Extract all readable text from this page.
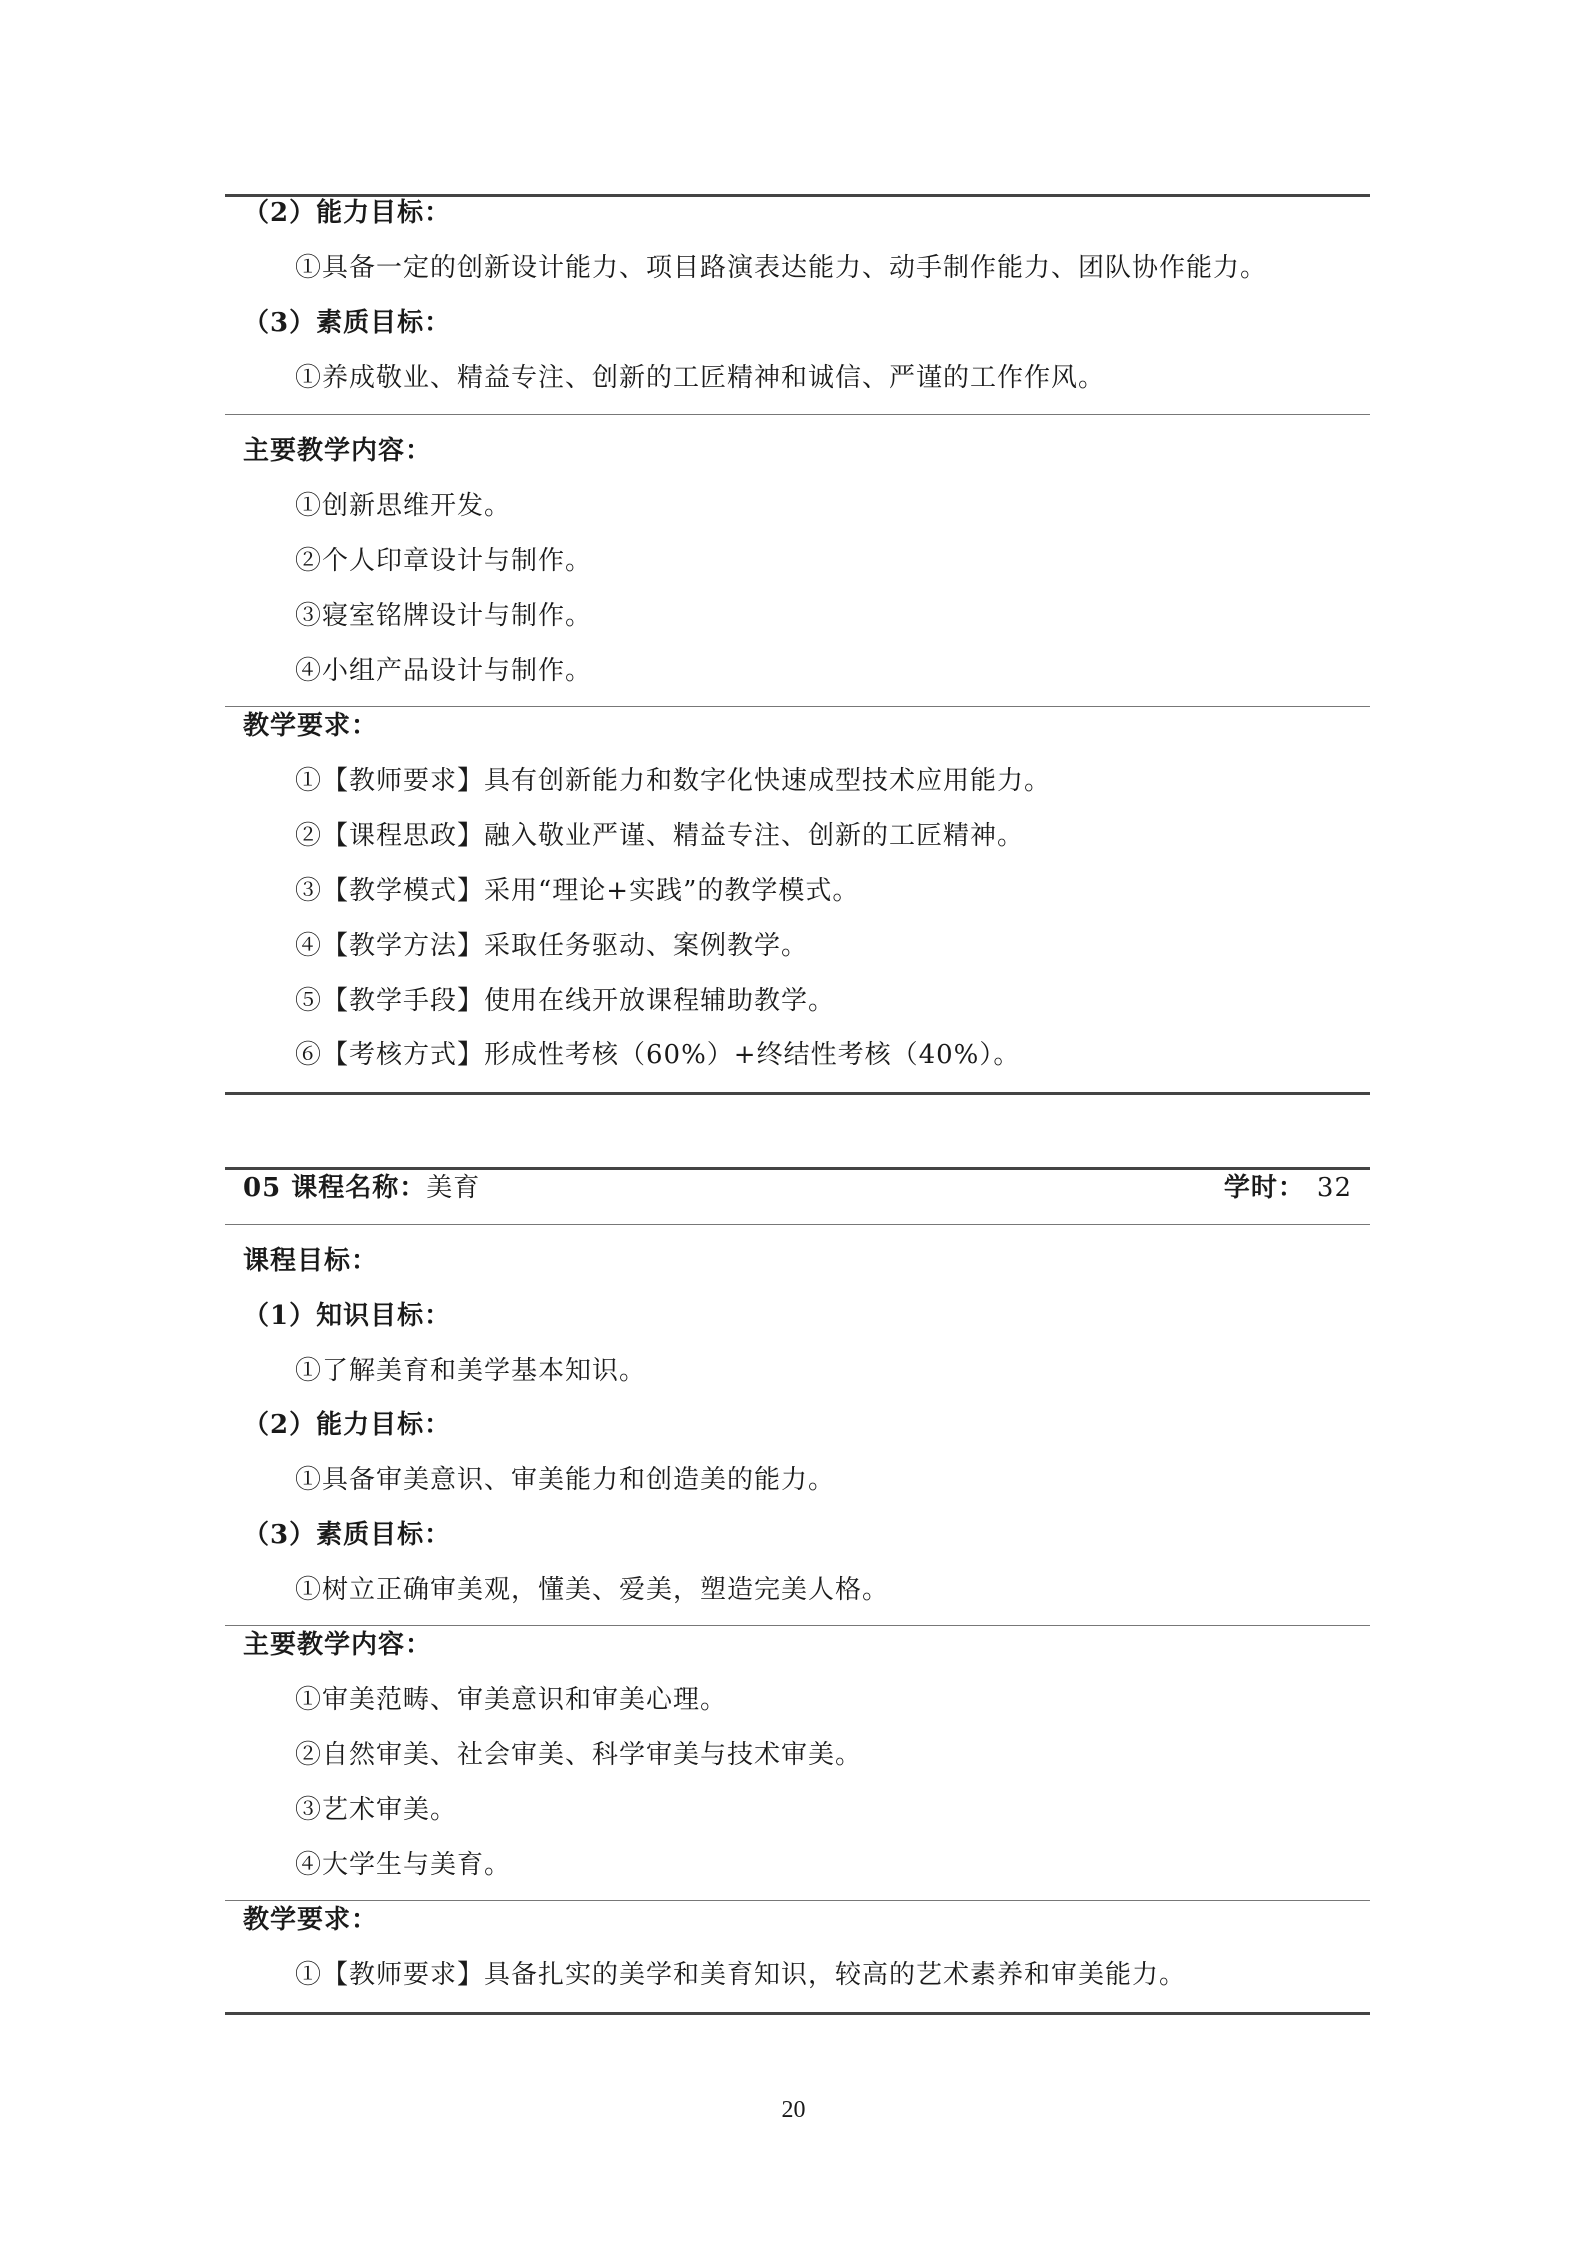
（2）能力目标：
①具备一定的创新设计能力、项目路演表达能力、动手制作能力、团队协作能力。
（3）素质目标：
①养成敬业、精益专注、创新的工匠精神和诚信、严谨的工作作风。
主要教学内容：
①创新思维开发。
②个人印章设计与制作。
③寝室铭牌设计与制作。
④小组产品设计与制作。
教学要求：
①【教师要求】具有创新能力和数字化快速成型技术应用能力。
②【课程思政】融入敬业严谨、精益专注、创新的工匠精神。
③【教学模式】采用“理论+实践”的教学模式。
④【教学方法】采取任务驱动、案例教学。
⑤【教学手段】使用在线开放课程辅助教学。
⑥【考核方式】形成性考核（60%）+终结性考核（40%）。
05 课程名称：美育	学时： 32
课程目标：
（1）知识目标：
①了解美育和美学基本知识。
（2）能力目标：
①具备审美意识、审美能力和创造美的能力。
（3）素质目标：
①树立正确审美观，懂美、爱美，塑造完美人格。
主要教学内容：
①审美范畴、审美意识和审美心理。
②自然审美、社会审美、科学审美与技术审美。
③艺术审美。
④大学生与美育。
教学要求：
①【教师要求】具备扎实的美学和美育知识，较高的艺术素养和审美能力。
20
